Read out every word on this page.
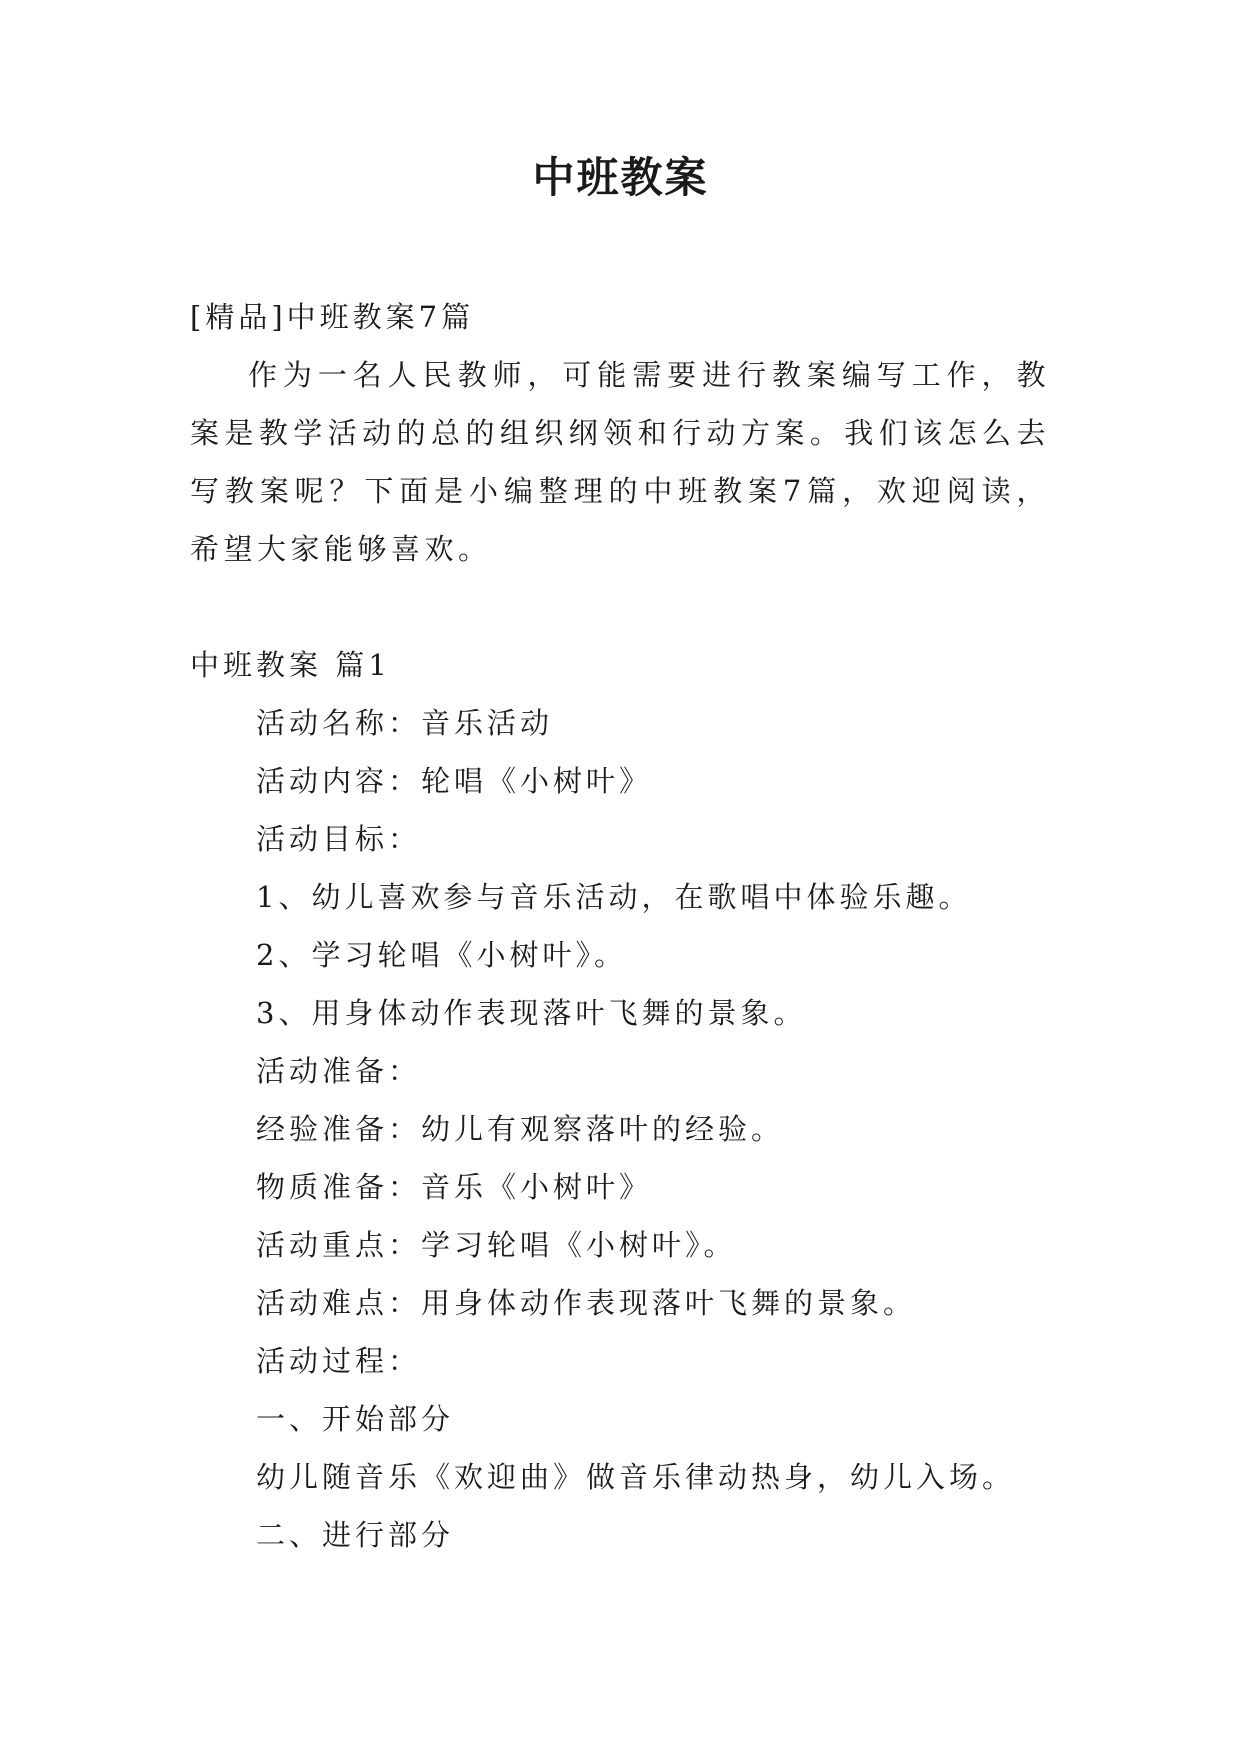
中班教案

[精品]中班教案7篇

作为一名人民教师，可能需要进行教案编写工作，教案是教学活动的总的组织纲领和行动方案。我们该怎么去写教案呢？下面是小编整理的中班教案7篇，欢迎阅读，希望大家能够喜欢。

中班教案 篇1

活动名称：音乐活动

活动内容：轮唱《小树叶》

活动目标：

1、幼儿喜欢参与音乐活动，在歌唱中体验乐趣。

2、学习轮唱《小树叶》。

3、用身体动作表现落叶飞舞的景象。

活动准备：

经验准备：幼儿有观察落叶的经验。

物质准备：音乐《小树叶》

活动重点：学习轮唱《小树叶》。

活动难点：用身体动作表现落叶飞舞的景象。

活动过程：

一、开始部分

幼儿随音乐《欢迎曲》做音乐律动热身，幼儿入场。

二、进行部分
